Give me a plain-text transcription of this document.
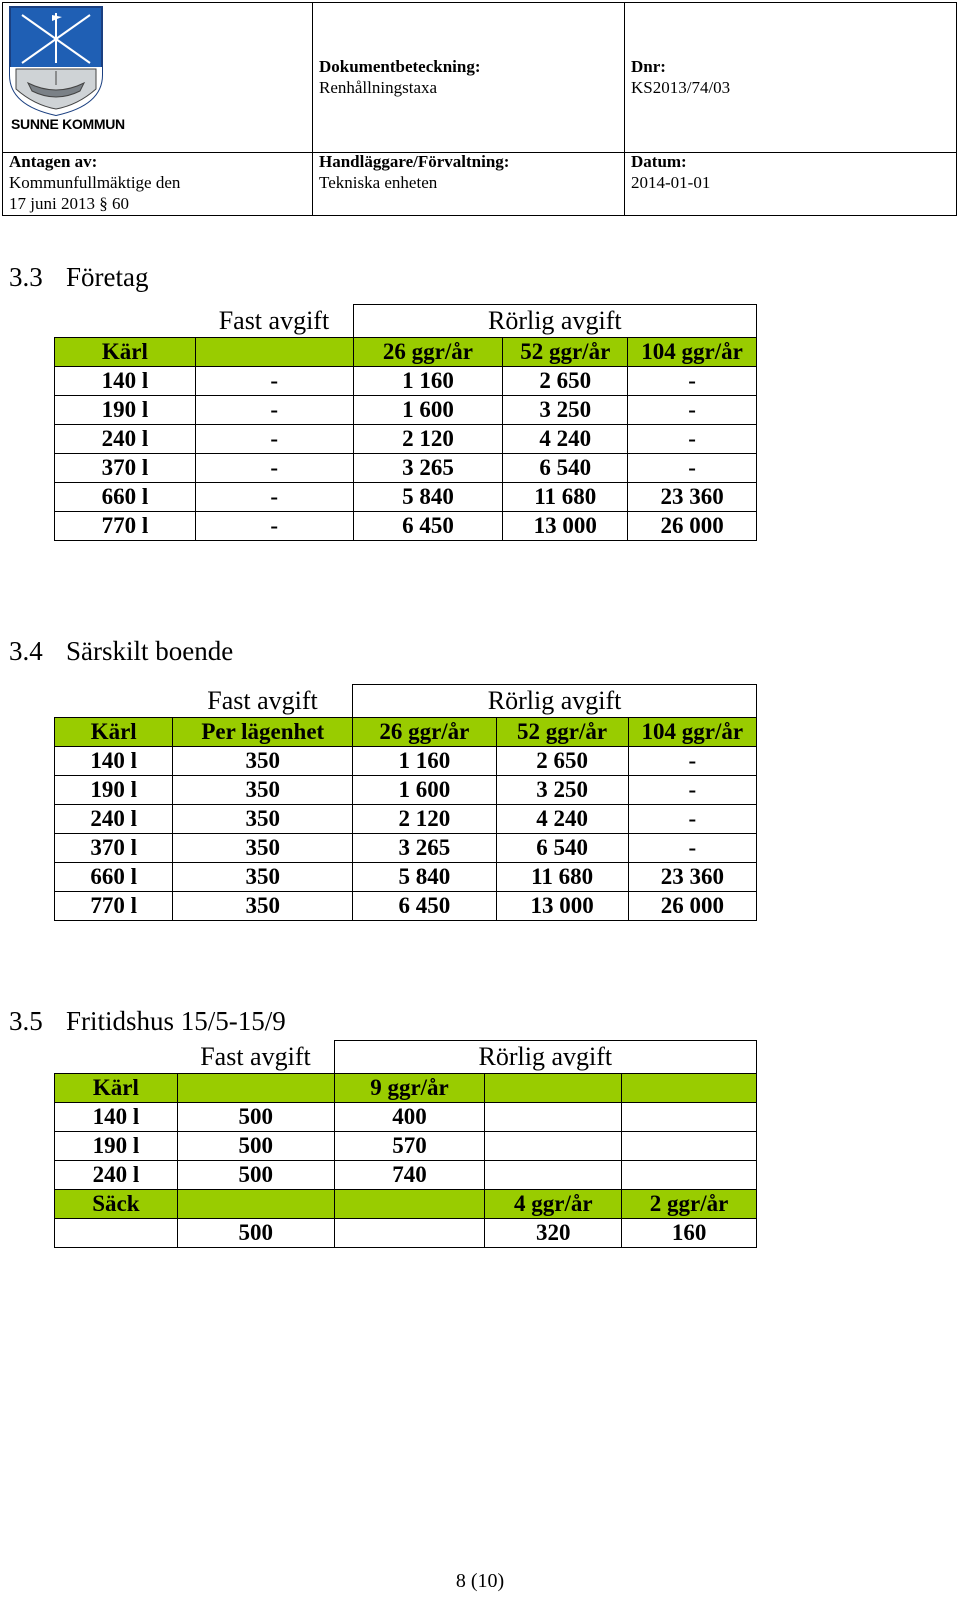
SUNNE KOMMUN
Dokumentbeteckning:
Renhållningstaxa
Dnr:
KS2013/74/03
Antagen av:
Kommunfullmäktige den
17 juni 2013 § 60
Handläggare/Förvaltning:
Tekniska enheten
Datum:
2014-01-01
3.3 Företag
	Fast avgift	Rörlig avgift		
Kärl		26 ggr/år	52 ggr/år	104 ggr/år
140 l	-	1 160	2 650	-
190 l	-	1 600	3 250	-
240 l	-	2 120	4 240	-
370 l	-	3 265	6 540	-
660 l	-	5 840	11 680	23 360
770 l	-	6 450	13 000	26 000
3.4 Särskilt boende
	Fast avgift	Rörlig avgift		
Kärl	Per lägenhet	26 ggr/år	52 ggr/år	104 ggr/år
140 l	350	1 160	2 650	-
190 l	350	1 600	3 250	-
240 l	350	2 120	4 240	-
370 l	350	3 265	6 540	-
660 l	350	5 840	11 680	23 360
770 l	350	6 450	13 000	26 000
3.5 Fritidshus 15/5-15/9
	Fast avgift	Rörlig avgift		
Kärl		9 ggr/år		
140 l	500	400		
190 l	500	570		
240 l	500	740		
Säck			4 ggr/år	2 ggr/år
	500		320	160
8 (10)
